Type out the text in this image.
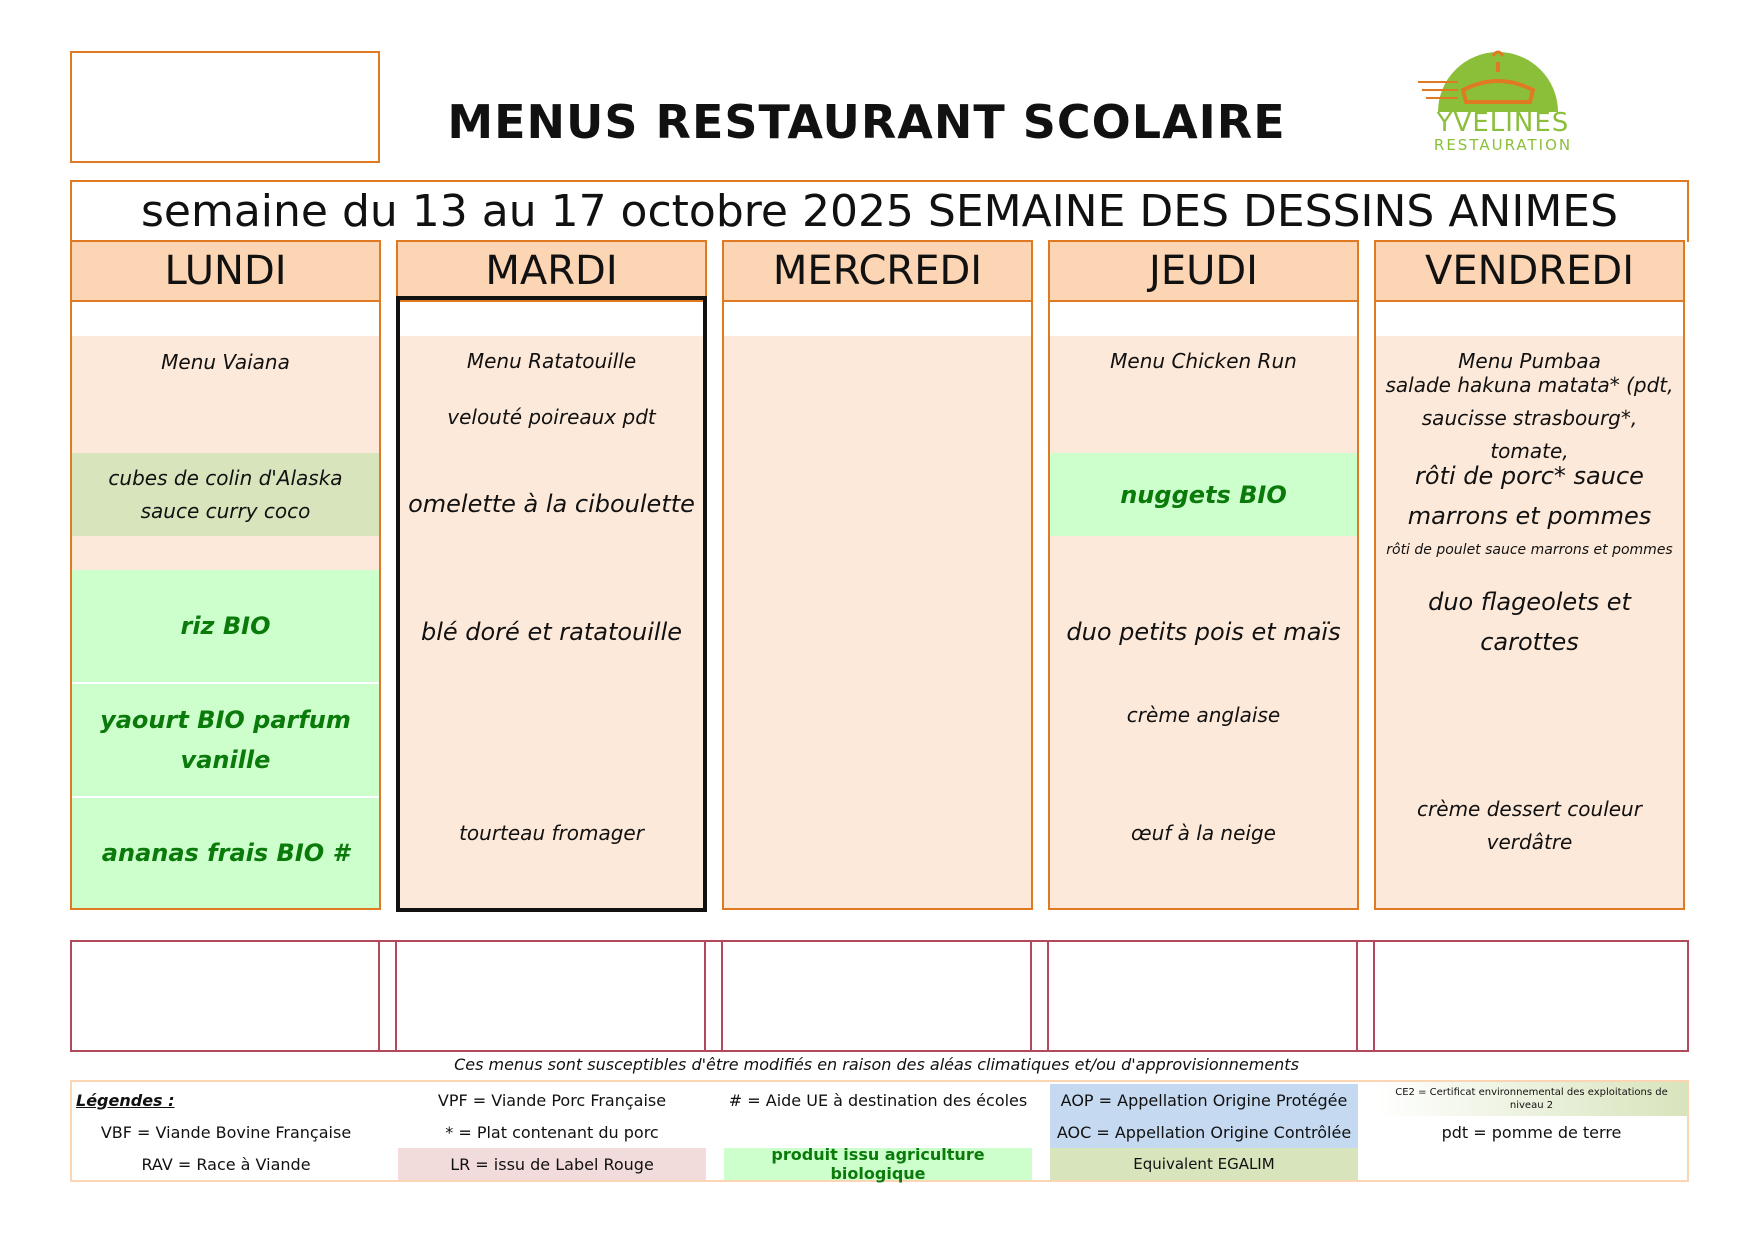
MENUS RESTAURANT SCOLAIRE	YVELINES
RESTAURATION
semaine du 13 au 17 octobre 2025 SEMAINE DES DESSINS ANIMES
LUNDI
Menu Vaiana
cubes de colin d'Alaska sauce curry coco
riz BIO
yaourt BIO parfum vanille
ananas frais BIO #
MARDI
Menu Ratatouille
velouté poireaux pdt
omelette à la ciboulette
blé doré et ratatouille
tourteau fromager
MERCREDI	JEUDI
Menu Chicken Run
nuggets BIO
duo petits pois et maïs
crème anglaise
œuf à la neige
VENDREDI
Menu Pumbaa
salade hakuna matata* (pdt, saucisse strasbourg*, tomate,
rôti de porc* sauce marrons et pommes
rôti de poulet sauce marrons et pommes
duo flageolets et carottes
crème dessert couleur verdâtre
Ces menus sont susceptibles d'être modifiés en raison des aléas climatiques et/ou d'approvisionnements
Légendes :
VBF = Viande Bovine Française
RAV = Race à Viande
VPF = Viande Porc Française
* = Plat contenant du porc
LR = issu de Label Rouge
# = Aide UE à destination des écoles
produit issu agriculture biologique
AOP = Appellation Origine Protégée
AOC = Appellation Origine Contrôlée
Equivalent EGALIM
CE2 = Certificat environnemental des exploitations de niveau 2
pdt = pomme de terre
